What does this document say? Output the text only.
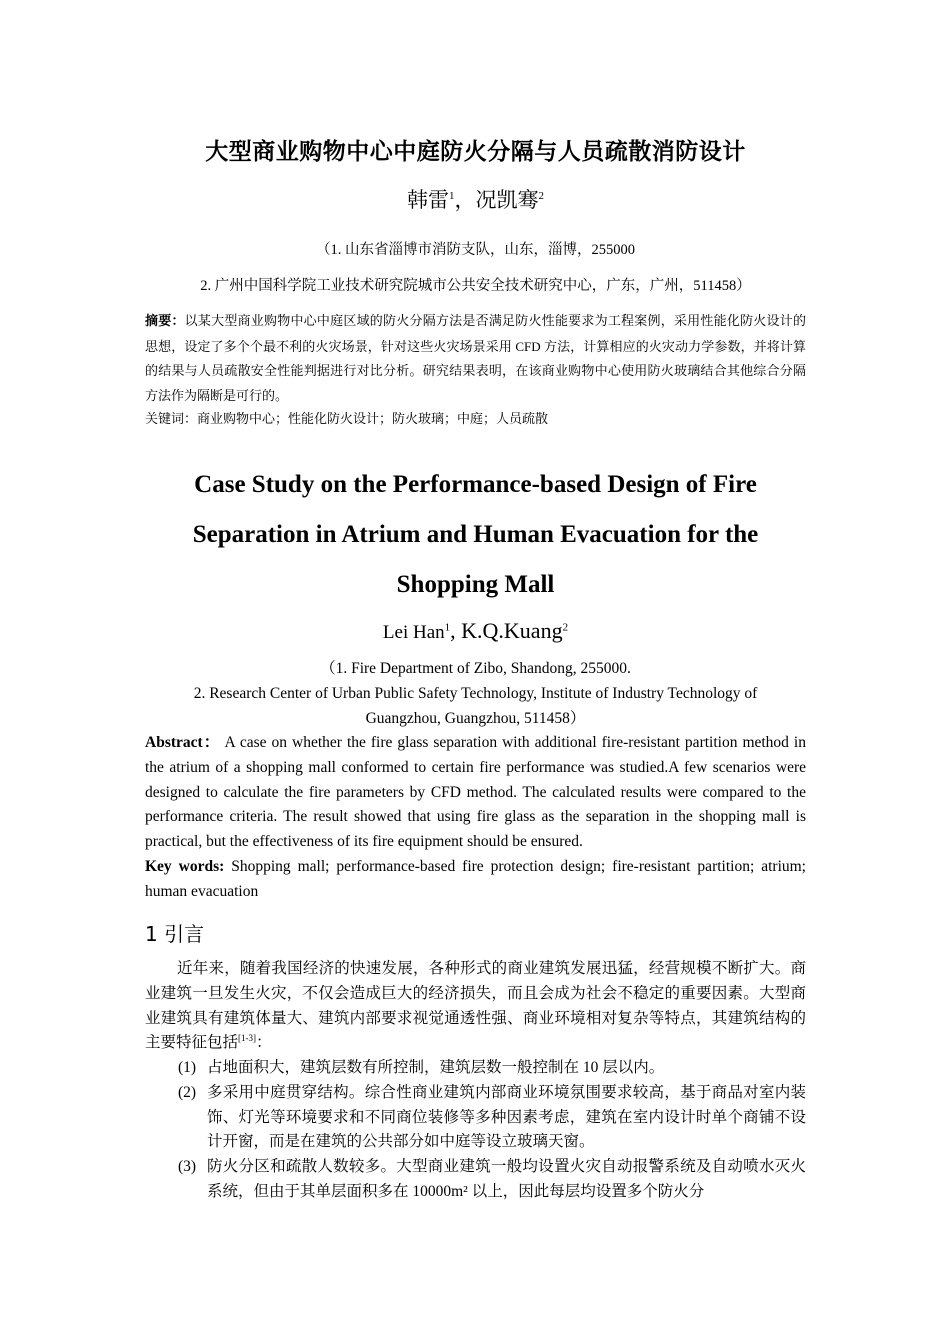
大型商业购物中心中庭防火分隔与人员疏散消防设计
韩雷$^1$，况凯骞$^2$
（1. 山东省淄博市消防支队，山东，淄博，255000
2. 广州中国科学院工业技术研究院城市公共安全技术研究中心，广东，广州，511458）
摘要：以某大型商业购物中心中庭区域的防火分隔方法是否满足防火性能要求为工程案例，采用性能化防火设计的思想，设定了多个个最不利的火灾场景，针对这些火灾场景采用 CFD 方法，计算相应的火灾动力学参数，并将计算的结果与人员疏散安全性能判据进行对比分析。研究结果表明，在该商业购物中心使用防火玻璃结合其他综合分隔方法作为隔断是可行的。
关键词：商业购物中心；性能化防火设计；防火玻璃；中庭；人员疏散
Case Study on the Performance-based Design of Fire
Separation in Atrium and Human Evacuation for the
Shopping Mall
Lei Han$^1$, K.Q.Kuang$^2$
（1. Fire Department of Zibo, Shandong, 255000.
2. Research Center of Urban Public Safety Technology, Institute of Industry Technology of
Guangzhou, Guangzhou, 511458）
Abstract： A case on whether the fire glass separation with additional fire-resistant partition method in the atrium of a shopping mall conformed to certain fire performance was studied.A few scenarios were designed to calculate the fire parameters by CFD method. The calculated results were compared to the performance criteria. The result showed that using fire glass as the separation in the shopping mall is practical, but the effectiveness of its fire equipment should be ensured.
Key words: Shopping mall; performance-based fire protection design; fire-resistant partition; atrium; human evacuation
1 引言

近年来，随着我国经济的快速发展，各种形式的商业建筑发展迅猛，经营规模不断扩大。商业建筑一旦发生火灾，不仅会造成巨大的经济损失，而且会成为社会不稳定的重要因素。大型商业建筑具有建筑体量大、建筑内部要求视觉通透性强、商业环境相对复杂等特点，其建筑结构的主要特征包括[1-3]：

(1) 占地面积大，建筑层数有所控制，建筑层数一般控制在 10 层以内。
(2) 多采用中庭贯穿结构。综合性商业建筑内部商业环境氛围要求较高，基于商品对室内装饰、灯光等环境要求和不同商位装修等多种因素考虑，建筑在室内设计时单个商铺不设计开窗，而是在建筑的公共部分如中庭等设立玻璃天窗。
(3) 防火分区和疏散人数较多。大型商业建筑一般均设置火灾自动报警系统及自动喷水灭火系统，但由于其单层面积多在 10000m² 以上，因此每层均设置多个防火分
